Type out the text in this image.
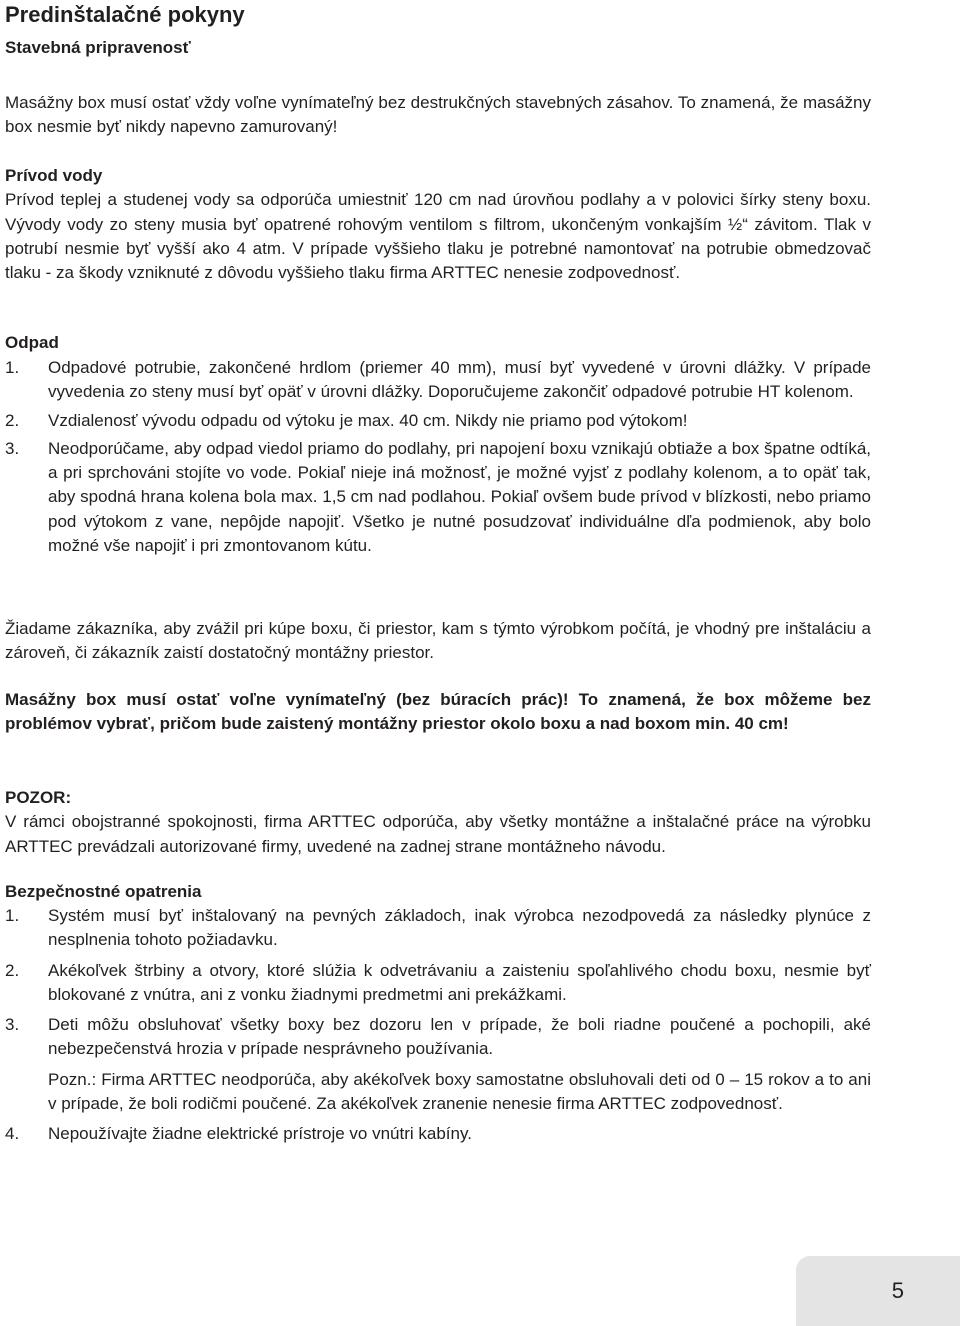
Predinštalačné pokyny
Stavebná pripravenosť
Masážny box musí ostať vždy voľne vynímateľný bez destrukčných stavebných zásahov. To znamená, že masážny box nesmie byť nikdy napevno zamurovaný!
Prívod vody
Prívod teplej a studenej vody sa odporúča umiestniť 120 cm nad úrovňou podlahy a v polovici šírky steny boxu. Vývody vody zo steny musia byť opatrené rohovým ventilom s filtrom, ukončeným vonkajším ½“ závitom. Tlak v potrubí nesmie byť vyšší ako 4 atm. V prípade vyššieho tlaku je potrebné namontovať na potrubie obmedzovač tlaku - za škody vzniknuté z dôvodu vyššieho tlaku firma ARTTEC nenesie zodpovednosť.
Odpad
1. Odpadové potrubie, zakončené hrdlom (priemer 40 mm), musí byť vyvedené v úrovni dlážky. V prípade vyvedenia zo steny musí byť opäť v úrovni dlážky. Doporučujeme zakončiť odpadové potrubie HT kolenom.
2. Vzdialenosť vývodu odpadu od výtoku je max. 40 cm. Nikdy nie priamo pod výtokom!
3. Neodporúčame, aby odpad viedol priamo do podlahy, pri napojení boxu vznikajú obtiaže a box špatne odtíká, a pri sprchováni stojíte vo vode. Pokiaľ nieje iná možnosť, je možné vyjsť z podlahy kolenom, a to opäť tak, aby spodná hrana kolena bola max. 1,5 cm nad podlahou. Pokiaľ ovšem bude prívod v blízkosti, nebo priamo pod výtokom z vane, nepôjde napojiť. Všetko je nutné posudzovať individuálne dľa podmienok, aby bolo možné vše napojiť i pri zmontovanom kútu.
Žiadame zákazníka, aby zvážil pri kúpe boxu, či priestor, kam s týmto výrobkom počítá, je vhodný pre inštaláciu a zároveň, či zákazník zaistí dostatočný montážny priestor.
Masážny box musí ostať voľne vynímateľný (bez búracích prác)! To znamená, že box môžeme bez problémov vybrať, pričom bude zaistený montážny priestor okolo boxu a nad boxom min. 40 cm!
POZOR:
V rámci obojstranné spokojnosti, firma ARTTEC odporúča, aby všetky montážne a inštalačné práce na výrobku ARTTEC prevádzali autorizované firmy, uvedené na zadnej strane montážneho návodu.
Bezpečnostné opatrenia
1. Systém musí byť inštalovaný na pevných základoch, inak výrobca nezodpovedá za následky plynúce z nesplnenia tohoto požiadavku.
2. Akékoľvek štrbiny a otvory, ktoré slúžia k odvetrávaniu a zaisteniu spoľahlivého chodu boxu, nesmie byť blokované z vnútra, ani z vonku žiadnymi predmetmi ani prekážkami.
3. Deti môžu obsluhovať všetky boxy bez dozoru len v prípade, že boli riadne poučené a pochopili, aké nebezpečenstvá hrozia v prípade nesprávneho používania.
Pozn.: Firma ARTTEC neodporúča, aby akékoľvek boxy samostatne obsluhovali deti od 0 – 15 rokov a to ani v prípade, že boli rodičmi poučené. Za akékoľvek zranenie nenesie firma ARTTEC zodpovednosť.
4. Nepoužívajte žiadne elektrické prístroje vo vnútri kabíny.
5
